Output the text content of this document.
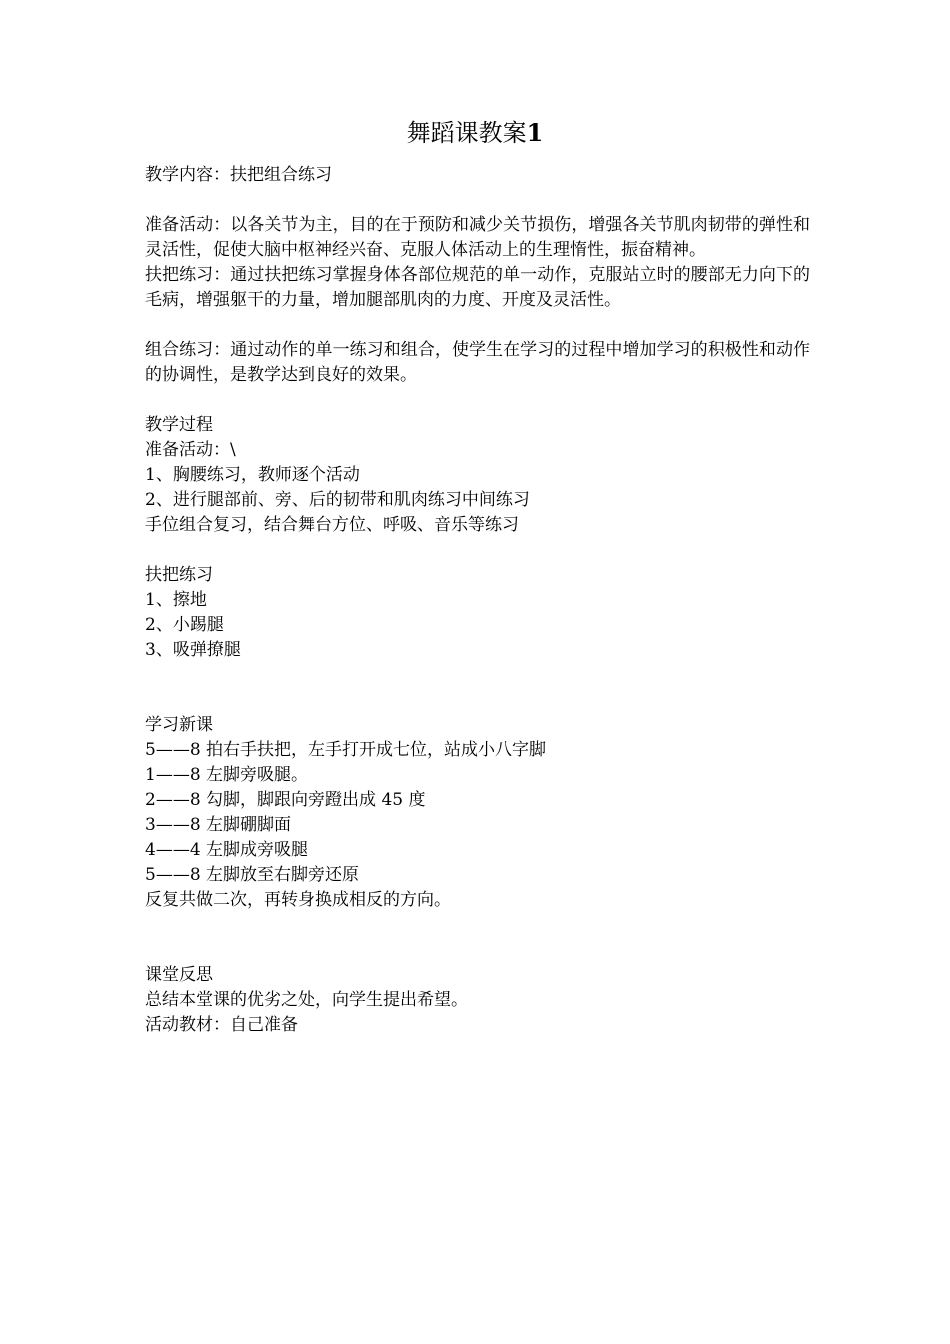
舞蹈课教案1
教学内容：扶把组合练习
准备活动：以各关节为主，目的在于预防和减少关节损伤，增强各关节肌肉韧带的弹性和灵活性，促使大脑中枢神经兴奋、克服人体活动上的生理惰性，振奋精神。
扶把练习：通过扶把练习掌握身体各部位规范的单一动作，克服站立时的腰部无力向下的毛病，增强躯干的力量，增加腿部肌肉的力度、开度及灵活性。
组合练习：通过动作的单一练习和组合，使学生在学习的过程中增加学习的积极性和动作的协调性，是教学达到良好的效果。
教学过程
准备活动：\
1、胸腰练习，教师逐个活动
2、进行腿部前、旁、后的韧带和肌肉练习中间练习
手位组合复习，结合舞台方位、呼吸、音乐等练习
扶把练习
1、擦地
2、小踢腿
3、吸弹撩腿
学习新课
5——8 拍右手扶把，左手打开成七位，站成小八字脚
1——8 左脚旁吸腿。
2——8 勾脚，脚跟向旁蹬出成 45 度
3——8 左脚硼脚面
4——4 左脚成旁吸腿
5——8 左脚放至右脚旁还原
反复共做二次，再转身换成相反的方向。
课堂反思
总结本堂课的优劣之处，向学生提出希望。
活动教材：自己准备
